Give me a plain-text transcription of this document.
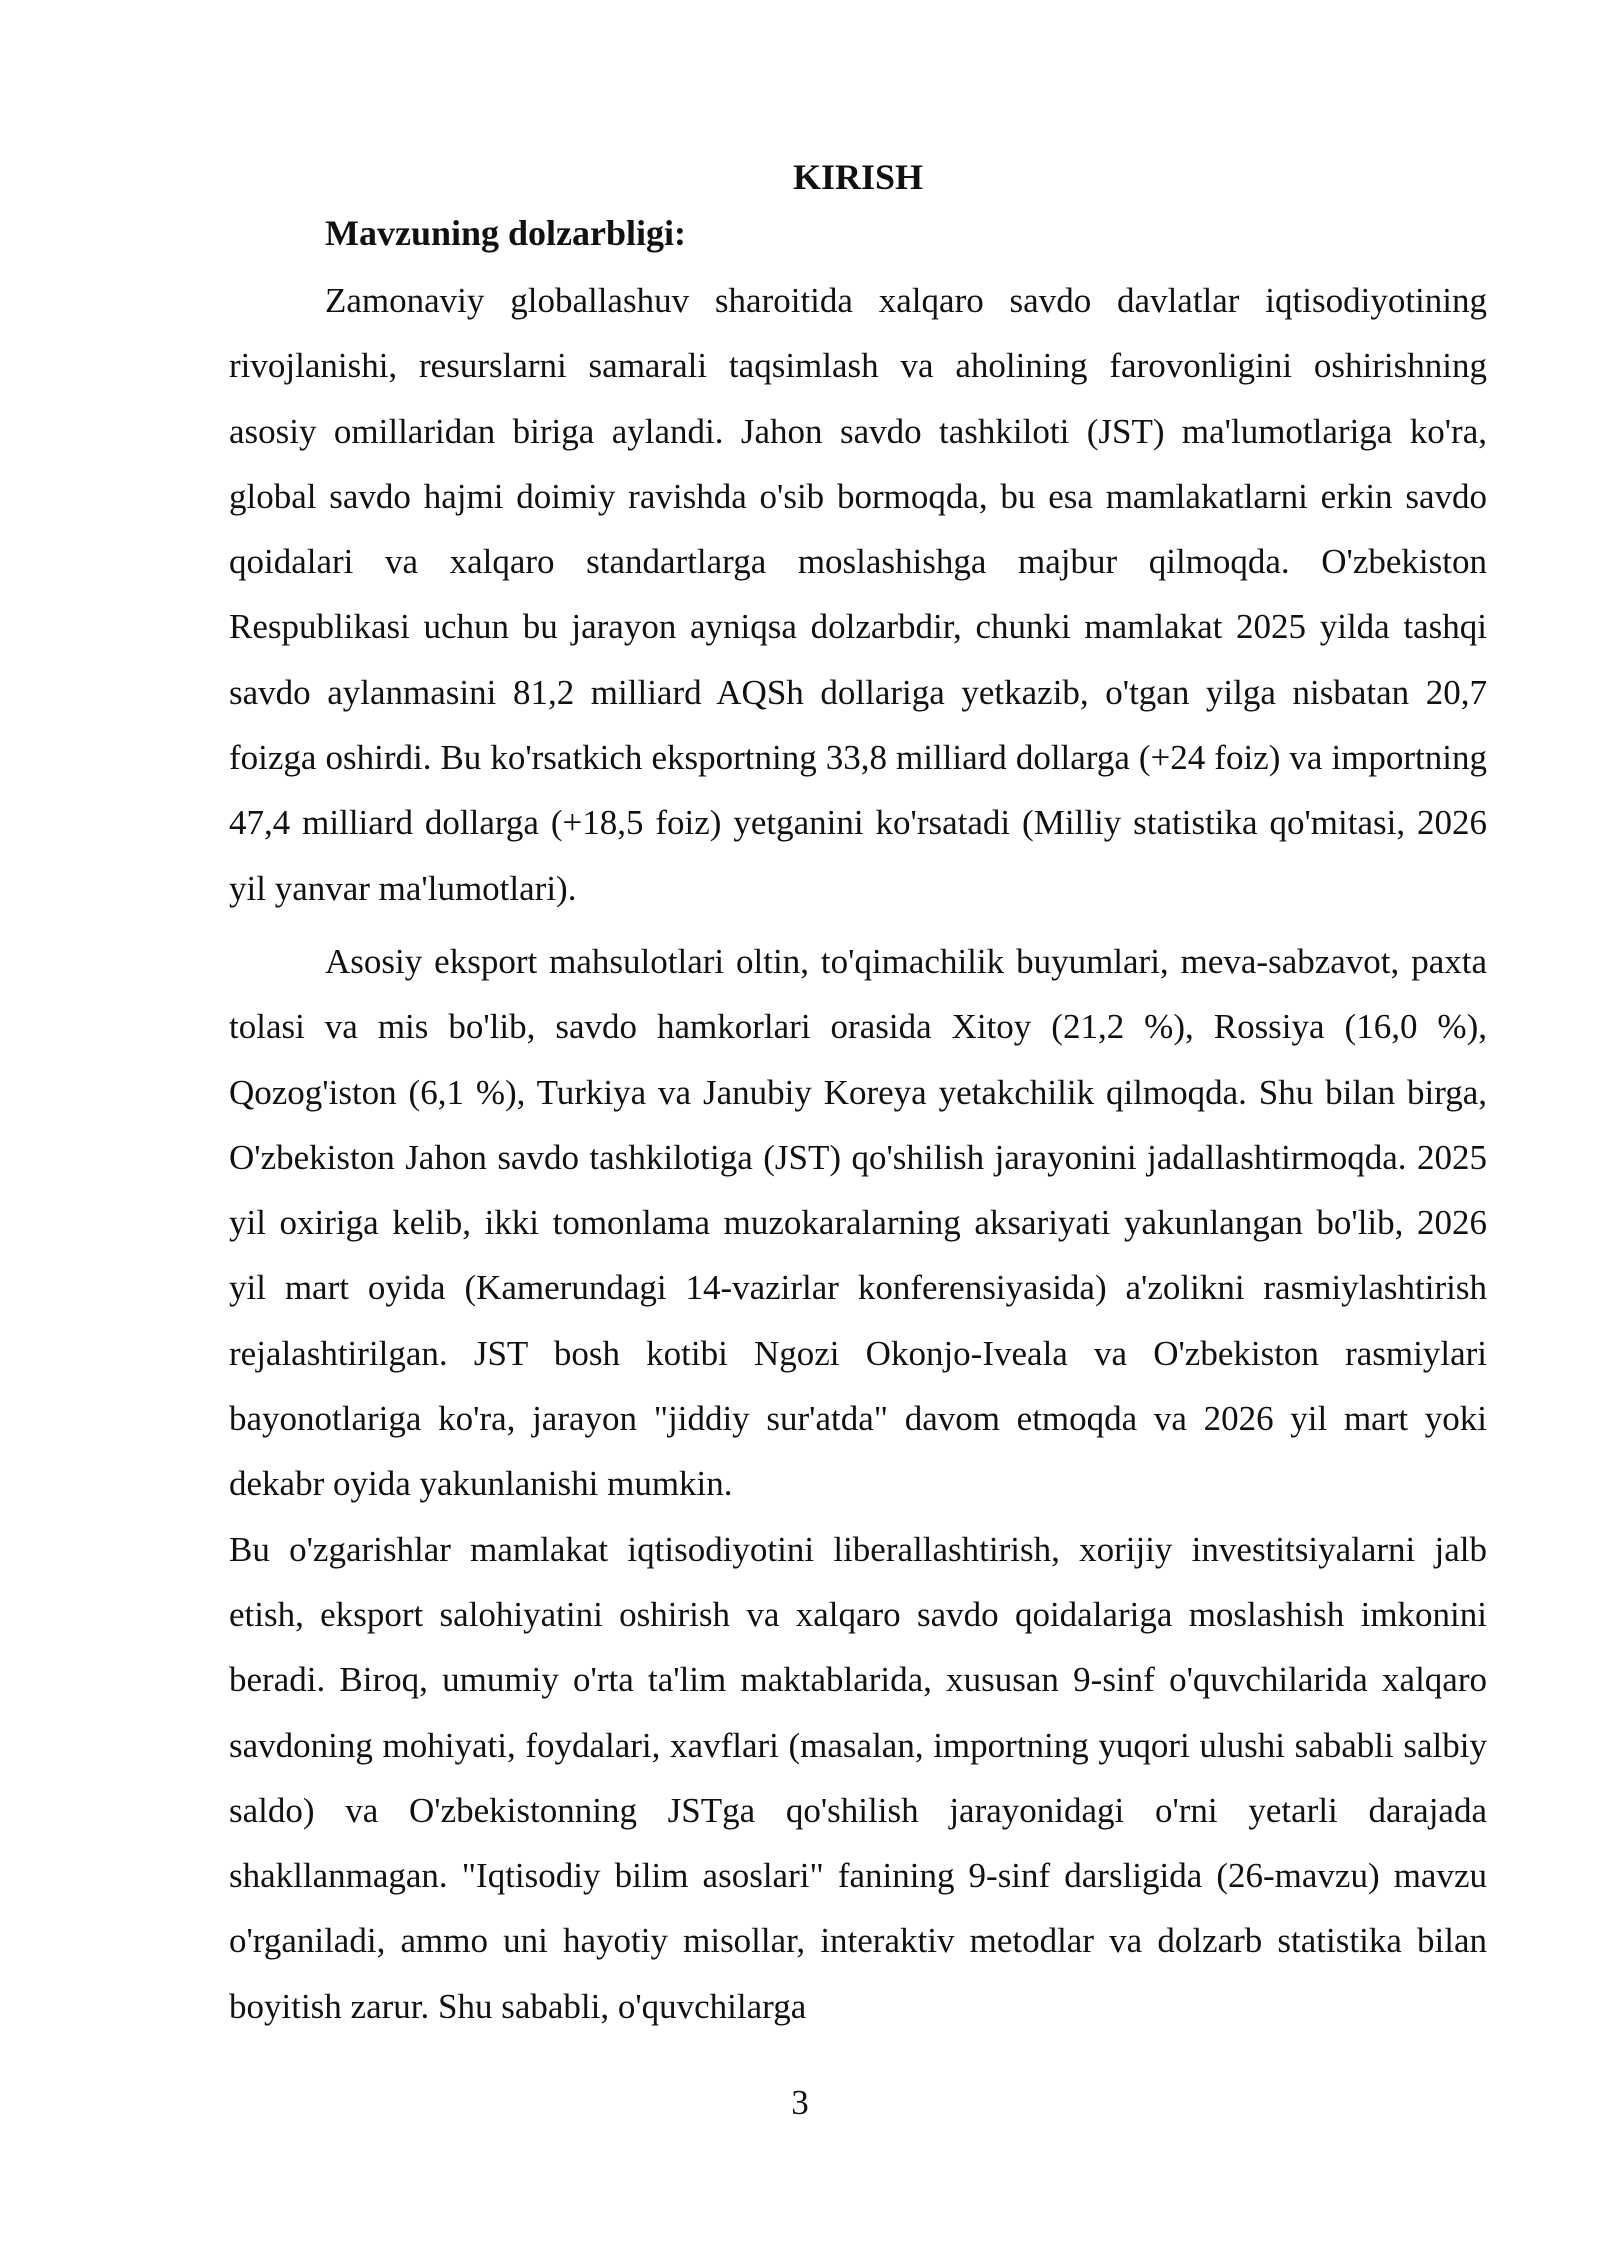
KIRISH
Mavzuning dolzarbligi:

Zamonaviy globallashuv sharoitida xalqaro savdo davlatlar iqtisodiyotining rivojlanishi, resurslarni samarali taqsimlash va aholining farovonligini oshirishning asosiy omillaridan biriga aylandi. Jahon savdo tashkiloti (JST) ma'lumotlariga ko'ra, global savdo hajmi doimiy ravishda o'sib bormoqda, bu esa mamlakatlarni erkin savdo qoidalari va xalqaro standartlarga moslashishga majbur qilmoqda. O'zbekiston Respublikasi uchun bu jarayon ayniqsa dolzarbdir, chunki mamlakat 2025 yilda tashqi savdo aylanmasini 81,2 milliard AQSh dollariga yetkazib, o'tgan yilga nisbatan 20,7 foizga oshirdi. Bu ko'rsatkich eksportning 33,8 milliard dollarga (+24 foiz) va importning 47,4 milliard dollarga (+18,5 foiz) yetganini ko'rsatadi (Milliy statistika qo'mitasi, 2026 yil yanvar ma'lumotlari).

Asosiy eksport mahsulotlari oltin, to'qimachilik buyumlari, meva-sabzavot, paxta tolasi va mis bo'lib, savdo hamkorlari orasida Xitoy (21,2 %), Rossiya (16,0 %), Qozog'iston (6,1 %), Turkiya va Janubiy Koreya yetakchilik qilmoqda. Shu bilan birga, O'zbekiston Jahon savdo tashkilotiga (JST) qo'shilish jarayonini jadallashtirmoqda. 2025 yil oxiriga kelib, ikki tomonlama muzokaralarning aksariyati yakunlangan bo'lib, 2026 yil mart oyida (Kamerundagi 14-vazirlar konferensiyasida) a'zolikni rasmiylashtirish rejalashtirilgan. JST bosh kotibi Ngozi Okonjo-Iveala va O'zbekiston rasmiylari bayonotlariga ko'ra, jarayon "jiddiy sur'atda" davom etmoqda va 2026 yil mart yoki dekabr oyida yakunlanishi mumkin.

Bu o'zgarishlar mamlakat iqtisodiyotini liberallashtirish, xorijiy investitsiyalarni jalb etish, eksport salohiyatini oshirish va xalqaro savdo qoidalariga moslashish imkonini beradi. Biroq, umumiy o'rta ta'lim maktablarida, xususan 9-sinf o'quvchilarida xalqaro savdoning mohiyati, foydalari, xavflari (masalan, importning yuqori ulushi sababli salbiy saldo) va O'zbekistonning JSTga qo'shilish jarayonidagi o'rni yetarli darajada shakllanmagan. "Iqtisodiy bilim asoslari" fanining 9-sinf darsligida (26-mavzu) mavzu o'rganiladi, ammo uni hayotiy misollar, interaktiv metodlar va dolzarb statistika bilan boyitish zarur. Shu sababli, o'quvchilarga

3
